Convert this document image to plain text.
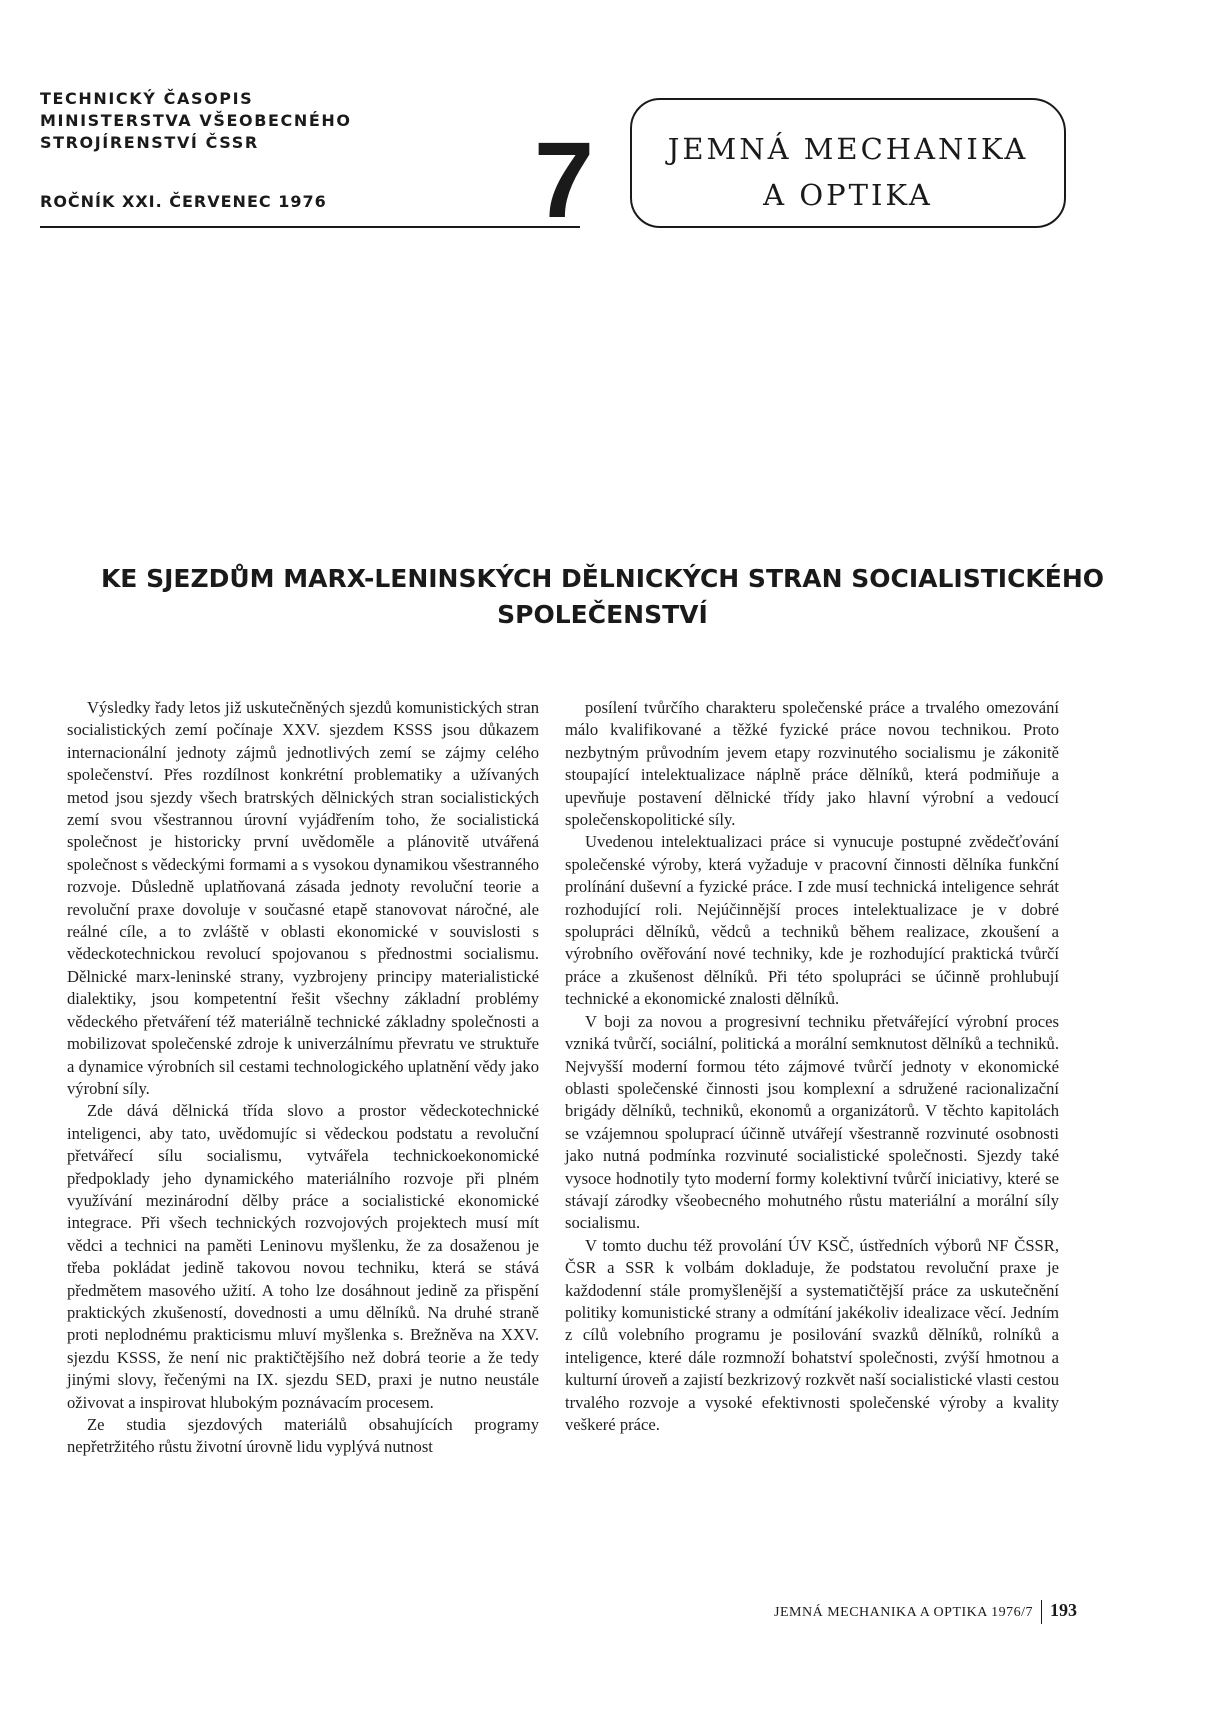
TECHNICKÝ ČASOPIS
MINISTERSTVA VŠEOBECNÉHO
STROJÍRENSTVÍ ČSSR
ROČNÍK XXI. ČERVENEC 1976 7	JEMNÁ MECHANIKA
A OPTIKA
KE SJEZDŮM MARX-LENINSKÝCH DĚLNICKÝCH STRAN SOCIALISTICKÉHO SPOLEČENSTVÍ

Výsledky řady letos již uskutečněných sjezdů komunistických stran socialistických zemí počínaje XXV. sjezdem KSSS jsou důkazem internacionální jednoty zájmů jednotlivých zemí se zájmy celého společenství. Přes rozdílnost konkrétní problematiky a užívaných metod jsou sjezdy všech bratrských dělnických stran socialistických zemí svou všestrannou úrovní vyjádřením toho, že socialistická společnost je historicky první uvědoměle a plánovitě utvářená společnost s vědeckými formami a s vysokou dynamikou všestranného rozvoje. Důsledně uplatňovaná zásada jednoty revoluční teorie a revoluční praxe dovoluje v současné etapě stanovovat náročné, ale reálné cíle, a to zvláště v oblasti ekonomické v souvislosti s vědeckotechnickou revolucí spojovanou s přednostmi socialismu. Dělnické marx-leninské strany, vyzbrojeny principy materialistické dialektiky, jsou kompetentní řešit všechny základní problémy vědeckého přetváření též materiálně technické základny společnosti a mobilizovat společenské zdroje k univerzálnímu převratu ve struktuře a dynamice výrobních sil cestami technologického uplatnění vědy jako výrobní síly.

Zde dává dělnická třída slovo a prostor vědeckotechnické inteligenci, aby tato, uvědomujíc si vědeckou podstatu a revoluční přetvářecí sílu socialismu, vytvářela technickoekonomické předpoklady jeho dynamického materiálního rozvoje při plném využívání mezinárodní dělby práce a socialistické ekonomické integrace. Při všech technických rozvojových projektech musí mít vědci a technici na paměti Leninovu myšlenku, že za dosaženou je třeba pokládat jedině takovou novou techniku, která se stává předmětem masového užití. A toho lze dosáhnout jedině za přispění praktických zkušeností, dovednosti a umu dělníků. Na druhé straně proti neplodnému prakticismu mluví myšlenka s. Brežněva na XXV. sjezdu KSSS, že není nic praktičtějšího než dobrá teorie a že tedy jinými slovy, řečenými na IX. sjezdu SED, praxi je nutno neustále oživovat a inspirovat hlubokým poznávacím procesem.

Ze studia sjezdových materiálů obsahujících programy nepřetržitého růstu životní úrovně lidu vyplývá nutnost

posílení tvůrčího charakteru společenské práce a trvalého omezování málo kvalifikované a těžké fyzické práce novou technikou. Proto nezbytným průvodním jevem etapy rozvinutého socialismu je zákonitě stoupající intelektualizace náplně práce dělníků, která podmiňuje a upevňuje postavení dělnické třídy jako hlavní výrobní a vedoucí společenskopolitické síly.

Uvedenou intelektualizaci práce si vynucuje postupné zvědečťování společenské výroby, která vyžaduje v pracovní činnosti dělníka funkční prolínání duševní a fyzické práce. I zde musí technická inteligence sehrát rozhodující roli. Nejúčinnější proces intelektualizace je v dobré spolupráci dělníků, vědců a techniků během realizace, zkoušení a výrobního ověřování nové techniky, kde je rozhodující praktická tvůrčí práce a zkušenost dělníků. Při této spolupráci se účinně prohlubují technické a ekonomické znalosti dělníků.

V boji za novou a progresivní techniku přetvářející výrobní proces vzniká tvůrčí, sociální, politická a morální semknutost dělníků a techniků. Nejvyšší moderní formou této zájmové tvůrčí jednoty v ekonomické oblasti společenské činnosti jsou komplexní a sdružené racionalizační brigády dělníků, techniků, ekonomů a organizátorů. V těchto kapitolách se vzájemnou spoluprací účinně utvářejí všestranně rozvinuté osobnosti jako nutná podmínka rozvinuté socialistické společnosti. Sjezdy také vysoce hodnotily tyto moderní formy kolektivní tvůrčí iniciativy, které se stávají zárodky všeobecného mohutného růstu materiální a morální síly socialismu.

V tomto duchu též provolání ÚV KSČ, ústředních výborů NF ČSSR, ČSR a SSR k volbám dokladuje, že podstatou revoluční praxe je každodenní stále promyšlenější a systematičtější práce za uskutečnění politiky komunistické strany a odmítání jakékoliv idealizace věcí. Jedním z cílů volebního programu je posilování svazků dělníků, rolníků a inteligence, které dále rozmnoží bohatství společnosti, zvýší hmotnou a kulturní úroveň a zajistí bezkrizový rozkvět naší socialistické vlasti cestou trvalého rozvoje a vysoké efektivnosti společenské výroby a kvality veškeré práce.

JEMNÁ MECHANIKA A OPTIKA 1976/7 193
